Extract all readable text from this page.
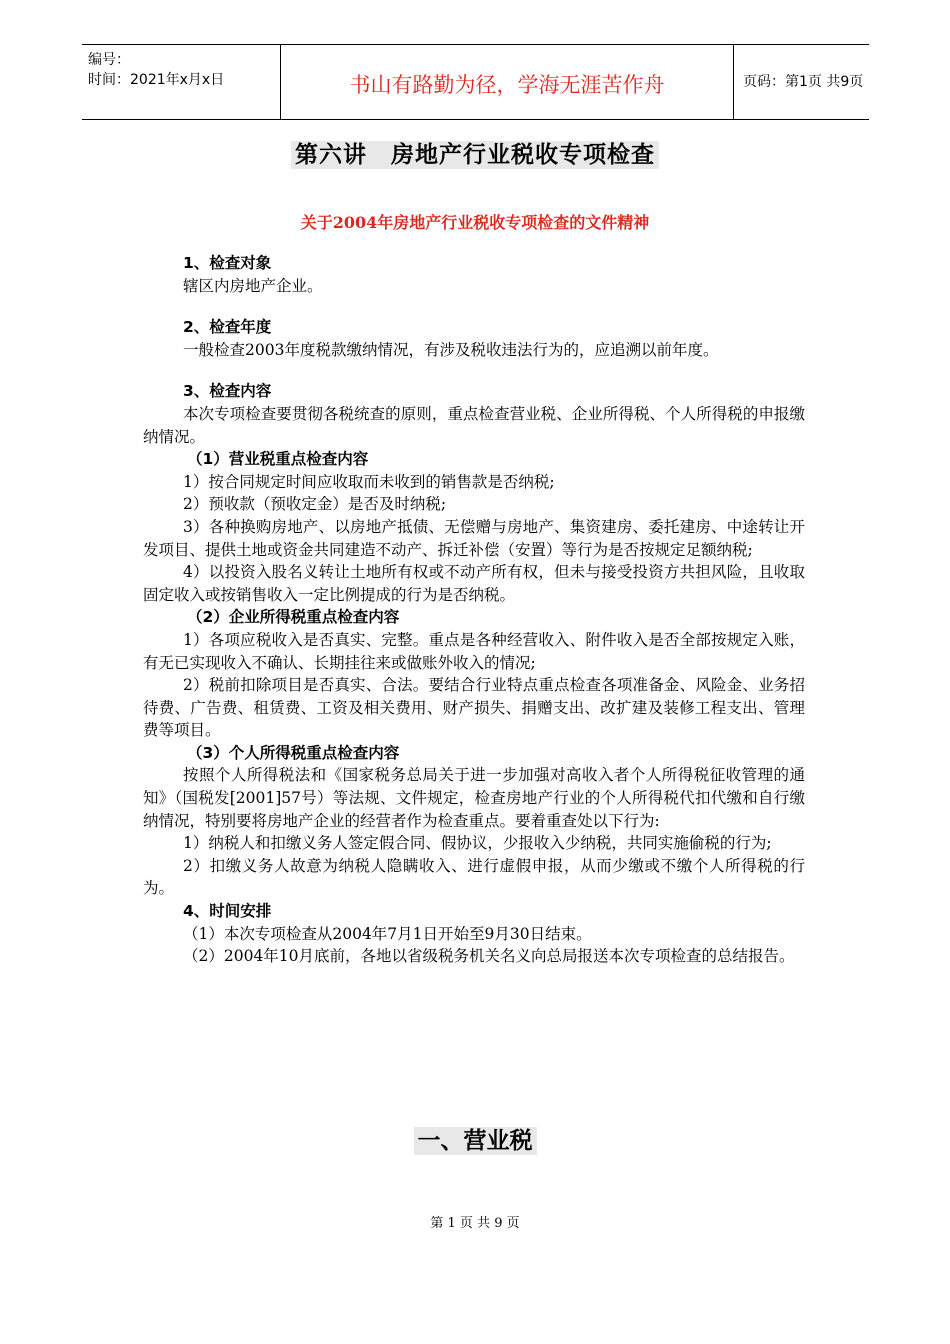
编号：
时间：2021年x月x日	书山有路勤为径，学海无涯苦作舟	页码：第1页 共9页
第六讲　房地产行业税收专项检查
关于2004年房地产行业税收专项检查的文件精神

1、检查对象

辖区内房地产企业。

2、检查年度

一般检查2003年度税款缴纳情况，有涉及税收违法行为的，应追溯以前年度。

3、检查内容

本次专项检查要贯彻各税统查的原则，重点检查营业税、企业所得税、个人所得税的申报缴纳情况。

（1）营业税重点检查内容

1）按合同规定时间应收取而未收到的销售款是否纳税;

2）预收款（预收定金）是否及时纳税;

3）各种换购房地产、以房地产抵债、无偿赠与房地产、集资建房、委托建房、中途转让开发项目、提供土地或资金共同建造不动产、拆迁补偿（安置）等行为是否按规定足额纳税;

4）以投资入股名义转让土地所有权或不动产所有权，但未与接受投资方共担风险，且收取固定收入或按销售收入一定比例提成的行为是否纳税。

（2）企业所得税重点检查内容

1）各项应税收入是否真实、完整。重点是各种经营收入、附件收入是否全部按规定入账，有无已实现收入不确认、长期挂往来或做账外收入的情况;

2）税前扣除项目是否真实、合法。要结合行业特点重点检查各项准备金、风险金、业务招待费、广告费、租赁费、工资及相关费用、财产损失、捐赠支出、改扩建及装修工程支出、管理费等项目。

（3）个人所得税重点检查内容

按照个人所得税法和《国家税务总局关于进一步加强对高收入者个人所得税征收管理的通知》（国税发[2001]57号）等法规、文件规定，检查房地产行业的个人所得税代扣代缴和自行缴纳情况，特别要将房地产企业的经营者作为检查重点。要着重查处以下行为:

1）纳税人和扣缴义务人签定假合同、假协议，少报收入少纳税，共同实施偷税的行为;

2）扣缴义务人故意为纳税人隐瞒收入、进行虚假申报，从而少缴或不缴个人所得税的行为。

4、时间安排

（1）本次专项检查从2004年7月1日开始至9月30日结束。

（2）2004年10月底前，各地以省级税务机关名义向总局报送本次专项检查的总结报告。

一、营业税
第 1 页 共 9 页
